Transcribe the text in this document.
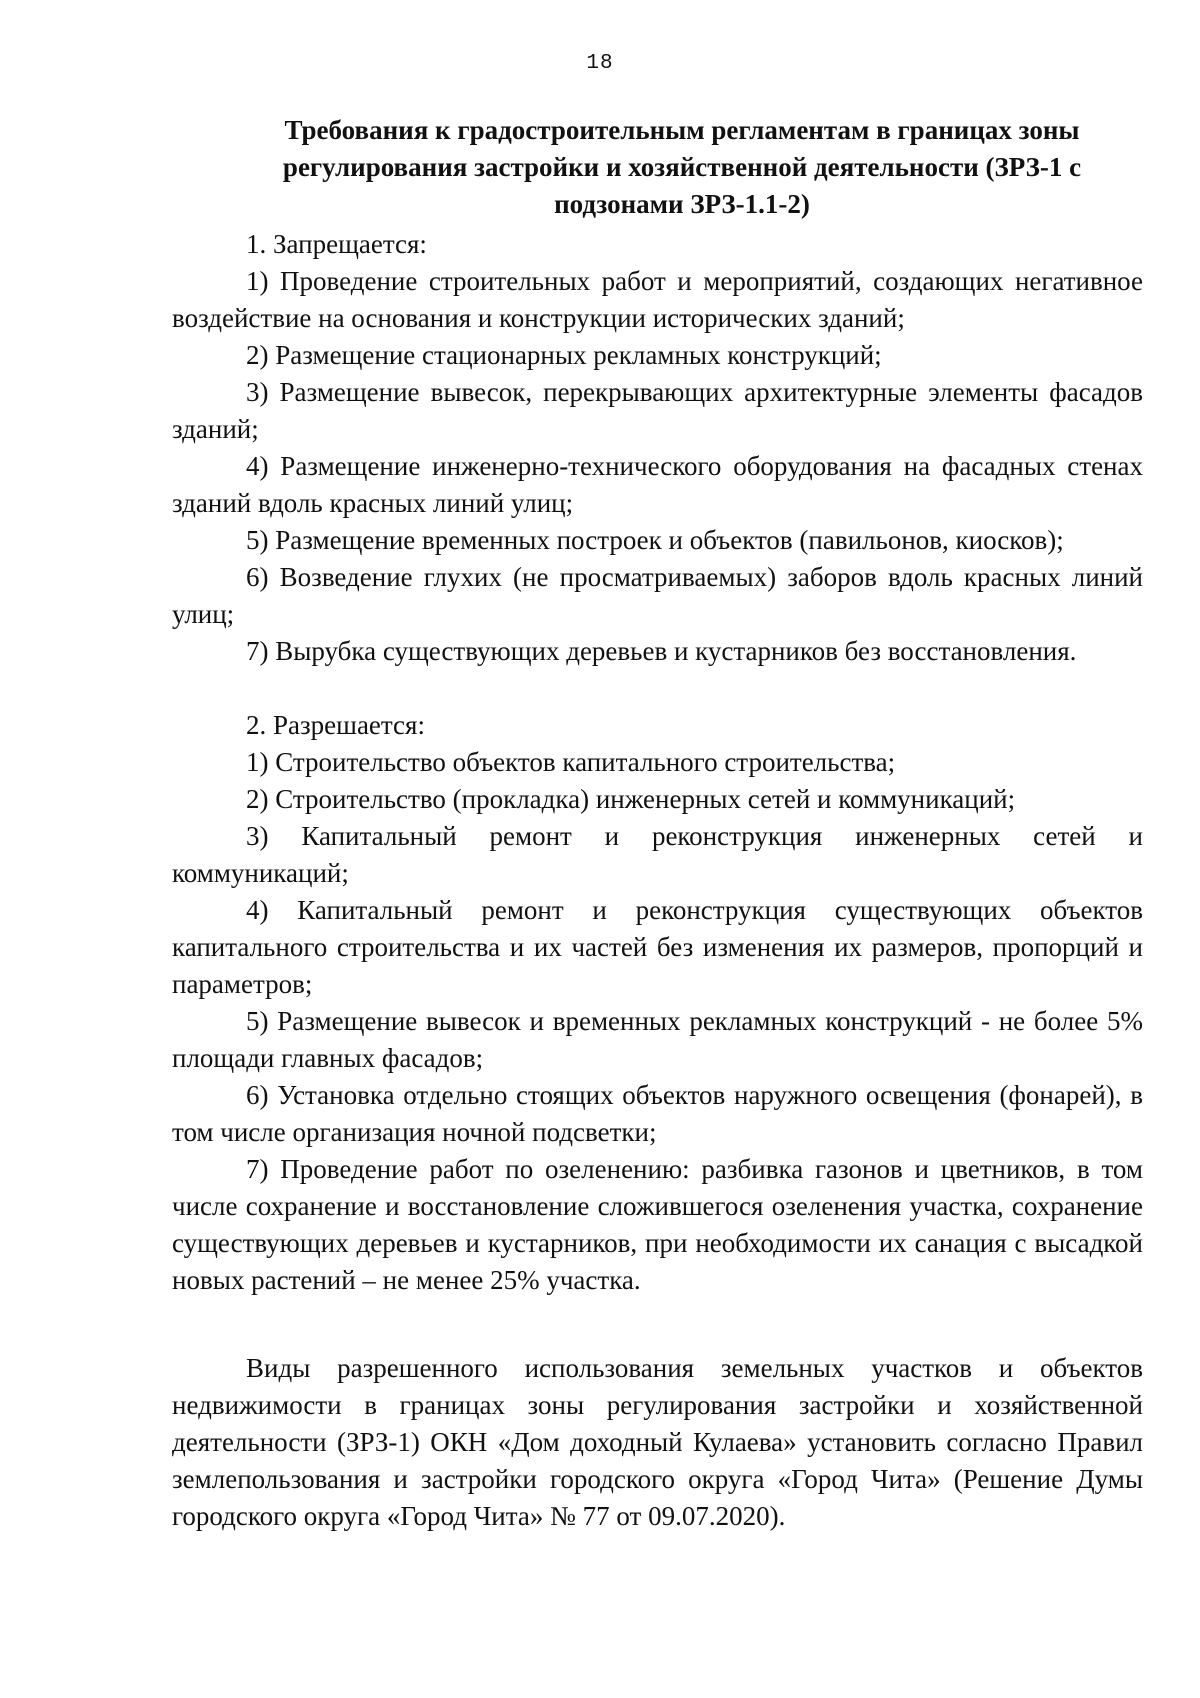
18
Требования к градостроительным регламентам в границах зоны регулирования застройки и хозяйственной деятельности (ЗРЗ-1 с подзонами ЗРЗ-1.1-2)

1. Запрещается:

1) Проведение строительных работ и мероприятий, создающих негативное воздействие на основания и конструкции исторических зданий;

2) Размещение стационарных рекламных конструкций;

3) Размещение вывесок, перекрывающих архитектурные элементы фасадов зданий;

4) Размещение инженерно-технического оборудования на фасадных стенах зданий вдоль красных линий улиц;

5) Размещение временных построек и объектов (павильонов, киосков);

6) Возведение глухих (не просматриваемых) заборов вдоль красных линий улиц;

7) Вырубка существующих деревьев и кустарников без восстановления.

2. Разрешается:

1) Строительство объектов капитального строительства;

2) Строительство (прокладка) инженерных сетей и коммуникаций;

3) Капитальный ремонт и реконструкция инженерных сетей и коммуникаций;

4) Капитальный ремонт и реконструкция существующих объектов капитального строительства и их частей без изменения их размеров, пропорций и параметров;

5) Размещение вывесок и временных рекламных конструкций - не более 5% площади главных фасадов;

6) Установка отдельно стоящих объектов наружного освещения (фонарей), в том числе организация ночной подсветки;

7) Проведение работ по озеленению: разбивка газонов и цветников, в том числе сохранение и восстановление сложившегося озеленения участка, сохранение существующих деревьев и кустарников, при необходимости их санация с высадкой новых растений – не менее 25% участка.

Виды разрешенного использования земельных участков и объектов недвижимости в границах зоны регулирования застройки и хозяйственной деятельности (ЗРЗ-1) ОКН «Дом доходный Кулаева» установить согласно Правил землепользования и застройки городского округа «Город Чита» (Решение Думы городского округа «Город Чита» № 77 от 09.07.2020).
